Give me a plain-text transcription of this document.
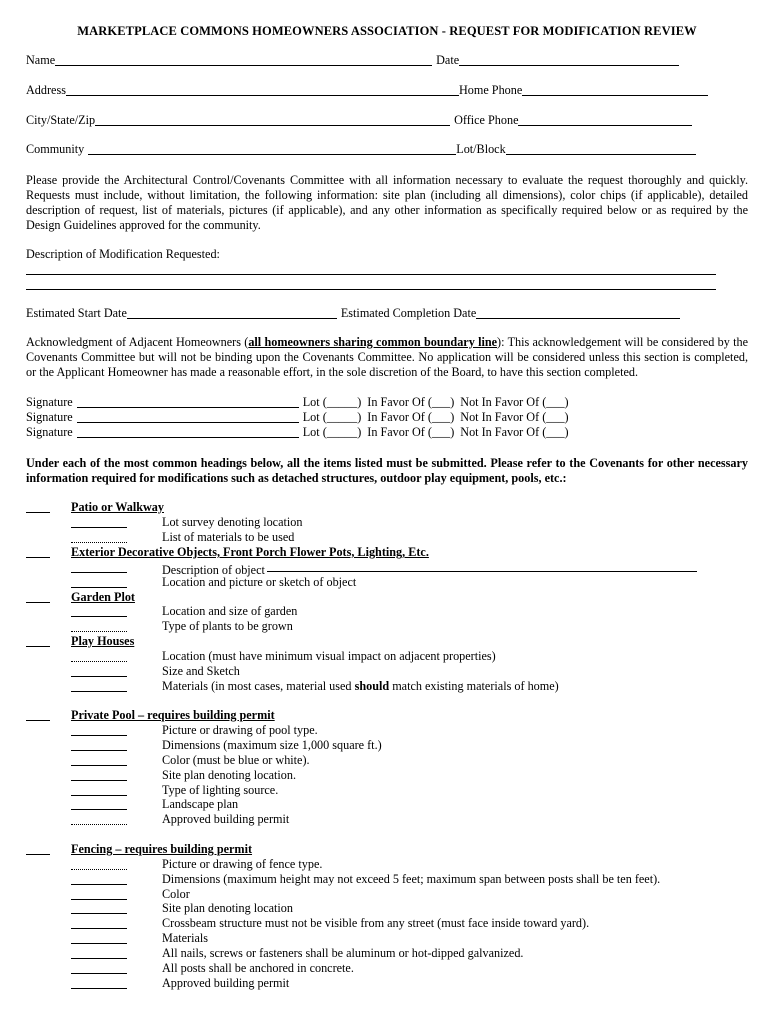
MARKETPLACE COMMONS HOMEOWNERS ASSOCIATION - REQUEST FOR MODIFICATION REVIEW
Name	Date
Address	Home Phone
City/State/Zip	Office Phone
Community	Lot/Block
Please provide the Architectural Control/Covenants Committee with all information necessary to evaluate the request thoroughly and quickly. Requests must include, without limitation, the following information: site plan (including all dimensions), color chips (if applicable), detailed description of request, list of materials, pictures (if applicable), and any other information as specifically required below or as required by the Design Guidelines approved for the community.
Description of Modification Requested:
Estimated Start Date	Estimated Completion Date
Acknowledgment of Adjacent Homeowners (all homeowners sharing common boundary line): This acknowledgement will be considered by the Covenants Committee but will not be binding upon the Covenants Committee. No application will be considered unless this section is completed, or the Applicant Homeowner has made a reasonable effort, in the sole discretion of the Board, to have this section completed.
Signature	Lot (_____) In Favor Of (___) Not In Favor Of (___)
Signature	Lot (_____) In Favor Of (___) Not In Favor Of (___)
Signature	Lot (_____) In Favor Of (___) Not In Favor Of (___)
Under each of the most common headings below, all the items listed must be submitted. Please refer to the Covenants for other necessary information required for modifications such as detached structures, outdoor play equipment, pools, etc.:
Patio or Walkway
Lot survey denoting location
List of materials to be used
Exterior Decorative Objects, Front Porch Flower Pots, Lighting, Etc.
Description of object
Location and picture or sketch of object
Garden Plot
Location and size of garden
Type of plants to be grown
Play Houses
Location (must have minimum visual impact on adjacent properties)
Size and Sketch
Materials (in most cases, material used should match existing materials of home)
Private Pool – requires building permit
Picture or drawing of pool type.
Dimensions (maximum size 1,000 square ft.)
Color (must be blue or white).
Site plan denoting location.
Type of lighting source.
Landscape plan
Approved building permit
Fencing – requires building permit
Picture or drawing of fence type.
Dimensions (maximum height may not exceed 5 feet; maximum span between posts shall be ten feet).
Color
Site plan denoting location
Crossbeam structure must not be visible from any street (must face inside toward yard).
Materials
All nails, screws or fasteners shall be aluminum or hot-dipped galvanized.
All posts shall be anchored in concrete.
Approved building permit
